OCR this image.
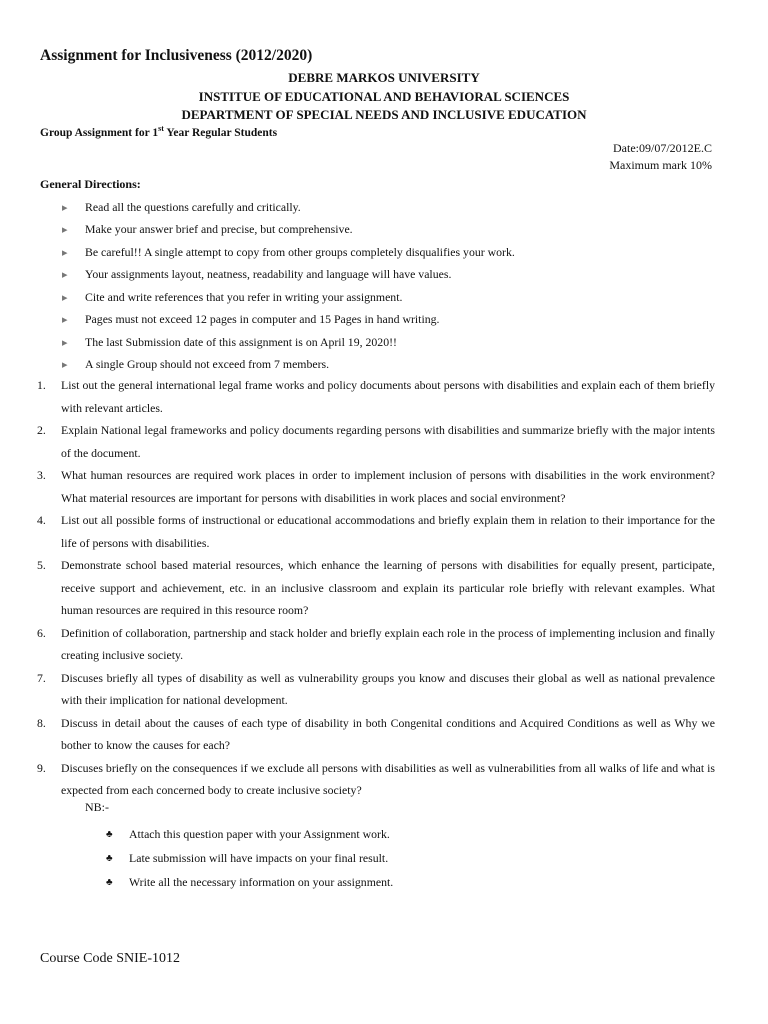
Assignment for Inclusiveness (2012/2020)
DEBRE MARKOS UNIVERSITY
INSTITUE OF EDUCATIONAL AND BEHAVIORAL SCIENCES
DEPARTMENT OF SPECIAL NEEDS AND INCLUSIVE EDUCATION
Group Assignment for 1st Year Regular Students
Date:09/07/2012E.C
Maximum mark 10%
General Directions:
▸	Read all the questions carefully and critically.
▸	Make your answer brief and precise, but comprehensive.
▸	Be careful!! A single attempt to copy from other groups completely disqualifies your work.
▸	Your assignments layout, neatness, readability and language will have values.
▸	Cite and write references that you refer in writing your assignment.
▸	Pages must not exceed 12 pages in computer and 15 Pages in hand writing.
▸	The last Submission date of this assignment is on April 19, 2020!!
▸	A single Group should not exceed from 7 members.
1.	List out the general international legal frame works and policy documents about persons with disabilities and explain each of them briefly with relevant articles.
2.	Explain National legal frameworks and policy documents regarding persons with disabilities and summarize briefly with the major intents of the document.
3.	What human resources are required work places in order to implement inclusion of persons with disabilities in the work environment? What material resources are important for persons with disabilities in work places and social environment?
4.	List out all possible forms of instructional or educational accommodations and briefly explain them in relation to their importance for the life of persons with disabilities.
5.	Demonstrate school based material resources, which enhance the learning of persons with disabilities for equally present, participate, receive support and achievement, etc. in an inclusive classroom and explain its particular role briefly with relevant examples. What human resources are required in this resource room?
6.	Definition of collaboration, partnership and stack holder and briefly explain each role in the process of implementing inclusion and finally creating inclusive society.
7.	Discuses briefly all types of disability as well as vulnerability groups you know and discuses their global as well as national prevalence with their implication for national development.
8.	Discuss in detail about the causes of each type of disability in both Congenital conditions and Acquired Conditions as well as Why we bother to know the causes for each?
9.	Discuses briefly on the consequences if we exclude all persons with disabilities as well as vulnerabilities from all walks of life and what is expected from each concerned body to create inclusive society?
NB:-
♣	Attach this question paper with your Assignment work.
♣	Late submission will have impacts on your final result.
♣	Write all the necessary information on your assignment.
Course Code SNIE-1012
